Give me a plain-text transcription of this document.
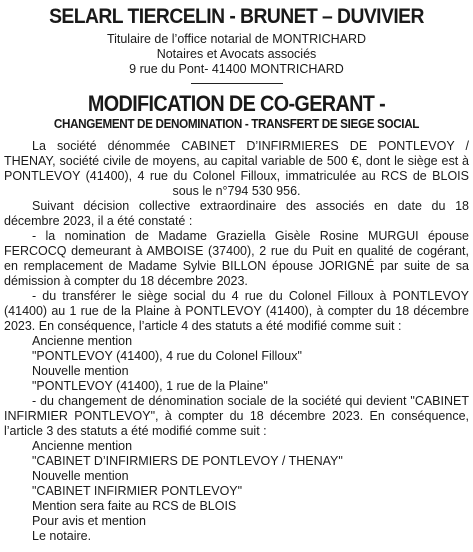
SELARL TIERCELIN - BRUNET – DUVIVIER
Titulaire de l’office notarial de MONTRICHARD
Notaires et Avocats associés
9 rue du Pont- 41400 MONTRICHARD
MODIFICATION DE CO-GERANT -
CHANGEMENT DE DENOMINATION - TRANSFERT DE SIEGE SOCIAL

La société dénommée CABINET D’INFIRMIERES DE PONTLEVOY / THENAY, société civile de moyens, au capital variable de 500 €, dont le siège est à PONTLEVOY (41400), 4 rue du Colonel Filloux, immatriculée au RCS de BLOIS sous le n°794 530 956.

Suivant décision collective extraordinaire des associés en date du 18 décembre 2023, il a été constaté :

- la nomination de Madame Graziella Gisèle Rosine MURGUI épouse FERCOCQ demeurant à AMBOISE (37400), 2 rue du Puit en qualité de cogérant, en remplacement de Madame Sylvie BILLON épouse JORIGNÉ par suite de sa démission à compter du 18 décembre 2023.

- du transférer le siège social du 4 rue du Colonel Filloux à PONTLEVOY (41400) au 1 rue de la Plaine à PONTLEVOY (41400), à compter du 18 décembre 2023. En conséquence, l’article 4 des statuts a été modifié comme suit :

Ancienne mention

"PONTLEVOY (41400), 4 rue du Colonel Filloux"

Nouvelle mention

"PONTLEVOY (41400), 1 rue de la Plaine"

- du changement de dénomination sociale de la société qui devient "CABINET INFIRMIER PONTLEVOY", à compter du 18 décembre 2023. En conséquence, l’article 3 des statuts a été modifié comme suit :

Ancienne mention

"CABINET D’INFIRMIERS DE PONTLEVOY / THENAY"

Nouvelle mention

"CABINET INFIRMIER PONTLEVOY"

Mention sera faite au RCS de BLOIS

Pour avis et mention

Le notaire.
